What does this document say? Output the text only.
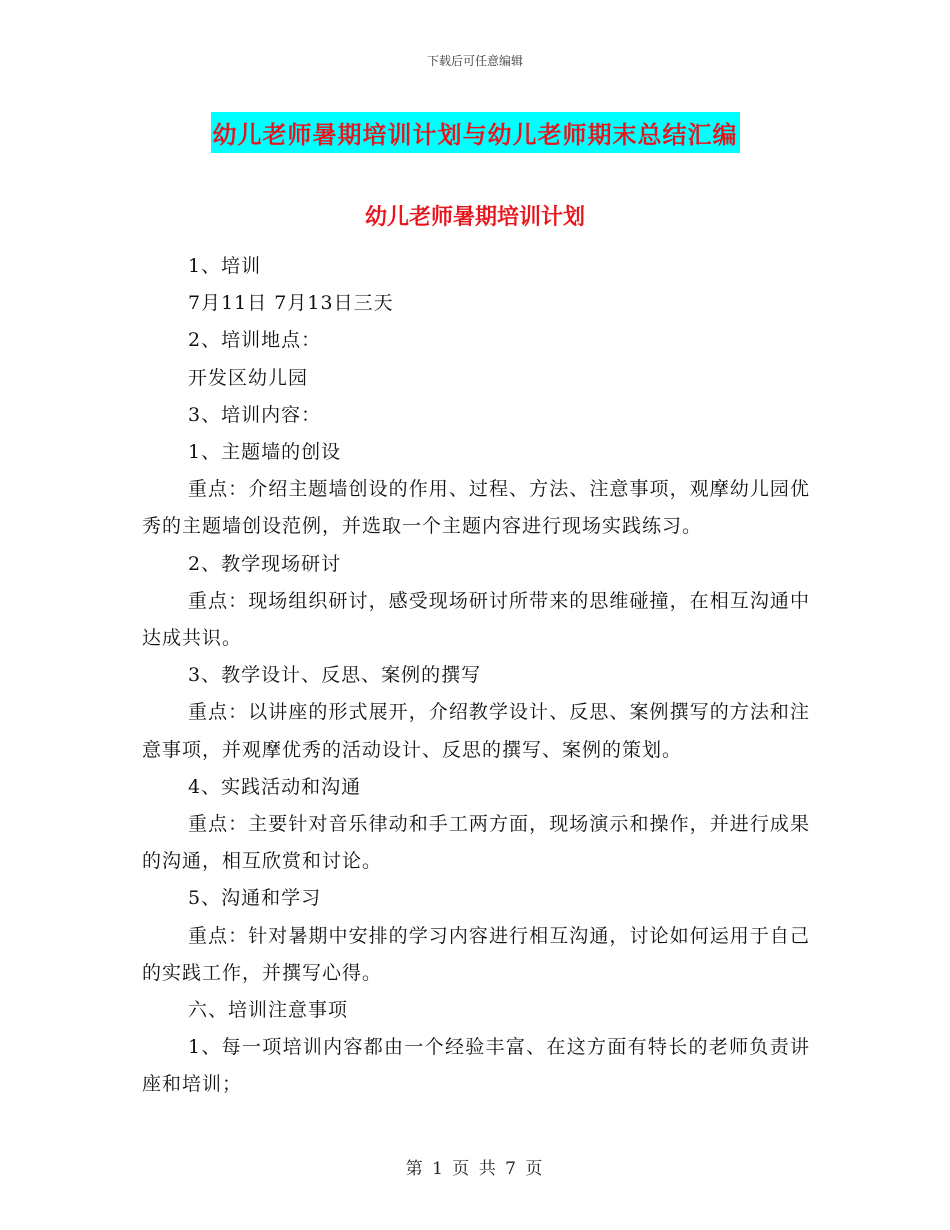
下载后可任意编辑
幼儿老师暑期培训计划与幼儿老师期末总结汇编
幼儿老师暑期培训计划

1、培训

7月11日 7月13日三天

2、培训地点：

开发区幼儿园

3、培训内容：

1、主题墙的创设

重点：介绍主题墙创设的作用、过程、方法、注意事项，观摩幼儿园优秀的主题墙创设范例，并选取一个主题内容进行现场实践练习。

2、教学现场研讨

重点：现场组织研讨，感受现场研讨所带来的思维碰撞，在相互沟通中达成共识。

3、教学设计、反思、案例的撰写

重点：以讲座的形式展开，介绍教学设计、反思、案例撰写的方法和注意事项，并观摩优秀的活动设计、反思的撰写、案例的策划。

4、实践活动和沟通

重点：主要针对音乐律动和手工两方面，现场演示和操作，并进行成果的沟通，相互欣赏和讨论。

5、沟通和学习

重点：针对暑期中安排的学习内容进行相互沟通，讨论如何运用于自己的实践工作，并撰写心得。

六、培训注意事项

1、每一项培训内容都由一个经验丰富、在这方面有特长的老师负责讲座和培训；

第 1 页 共 7 页
